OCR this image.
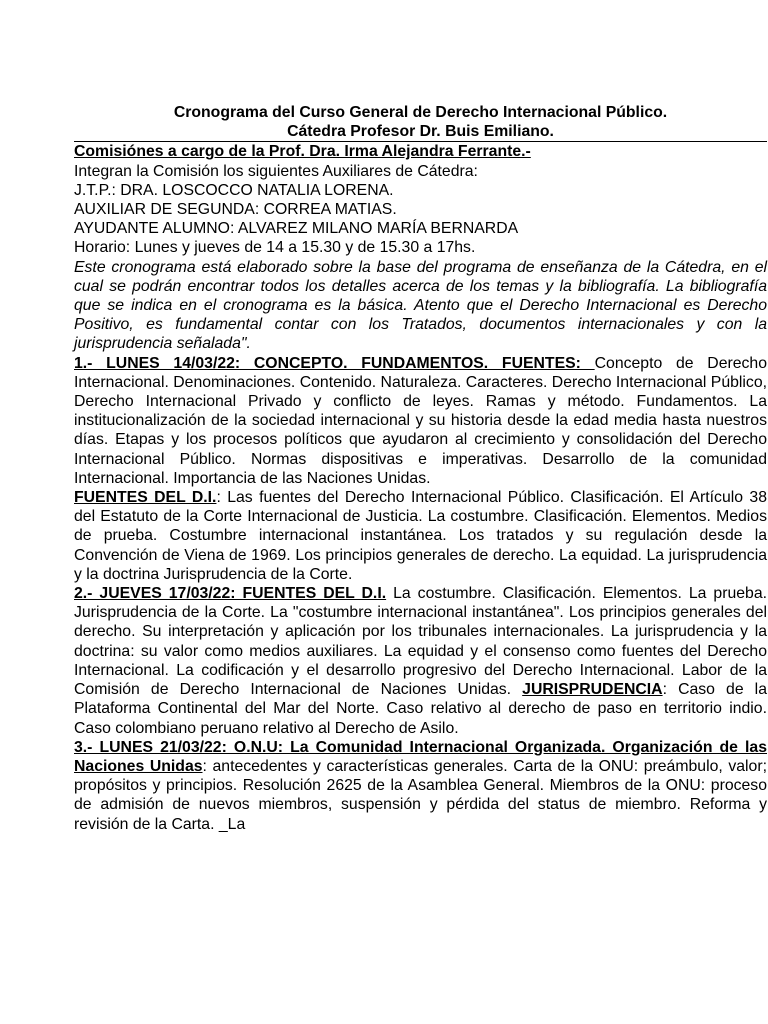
Cronograma del Curso General de Derecho Internacional Público.
Cátedra Profesor Dr. Buis Emiliano.

Comisiónes a cargo de la Prof. Dra. Irma Alejandra Ferrante.-

Integran la Comisión los siguientes Auxiliares de Cátedra:

J.T.P.: DRA. LOSCOCCO NATALIA LORENA.

AUXILIAR DE SEGUNDA: CORREA MATIAS.

AYUDANTE ALUMNO: ALVAREZ MILANO MARÍA BERNARDA

Horario: Lunes y jueves de 14 a 15.30 y de 15.30 a 17hs.

Este cronograma está elaborado sobre la base del programa de enseñanza de la Cátedra, en el cual se podrán encontrar todos los detalles acerca de los temas y la bibliografía. La bibliografía que se indica en el cronograma es la básica. Atento que el Derecho Internacional es Derecho Positivo, es fundamental contar con los Tratados, documentos internacionales y con la jurisprudencia señalada".

1.- LUNES 14/03/22: CONCEPTO. FUNDAMENTOS. FUENTES: Concepto de Derecho Internacional. Denominaciones. Contenido. Naturaleza. Caracteres. Derecho Internacional Público, Derecho Internacional Privado y conflicto de leyes. Ramas y método. Fundamentos. La institucionalización de la sociedad internacional y su historia desde la edad media hasta nuestros días. Etapas y los procesos políticos que ayudaron al crecimiento y consolidación del Derecho Internacional Público. Normas dispositivas e imperativas. Desarrollo de la comunidad Internacional. Importancia de las Naciones Unidas.

FUENTES DEL D.I.: Las fuentes del Derecho Internacional Público. Clasificación. El Artículo 38 del Estatuto de la Corte Internacional de Justicia. La costumbre. Clasificación. Elementos. Medios de prueba. Costumbre internacional instantánea. Los tratados y su regulación desde la Convención de Viena de 1969. Los principios generales de derecho. La equidad. La jurisprudencia y la doctrina Jurisprudencia de la Corte.

2.- JUEVES 17/03/22: FUENTES DEL D.I. La costumbre. Clasificación. Elementos. La prueba. Jurisprudencia de la Corte. La "costumbre internacional instantánea". Los principios generales del derecho. Su interpretación y aplicación por los tribunales internacionales. La jurisprudencia y la doctrina: su valor como medios auxiliares. La equidad y el consenso como fuentes del Derecho Internacional. La codificación y el desarrollo progresivo del Derecho Internacional. Labor de la Comisión de Derecho Internacional de Naciones Unidas. JURISPRUDENCIA: Caso de la Plataforma Continental del Mar del Norte. Caso relativo al derecho de paso en territorio indio. Caso colombiano peruano relativo al Derecho de Asilo.

3.- LUNES 21/03/22: O.N.U: La Comunidad Internacional Organizada. Organización de las Naciones Unidas: antecedentes y características generales. Carta de la ONU: preámbulo, valor; propósitos y principios. Resolución 2625 de la Asamblea General. Miembros de la ONU: proceso de admisión de nuevos miembros, suspensión y pérdida del status de miembro. Reforma y revisión de la Carta. _La
